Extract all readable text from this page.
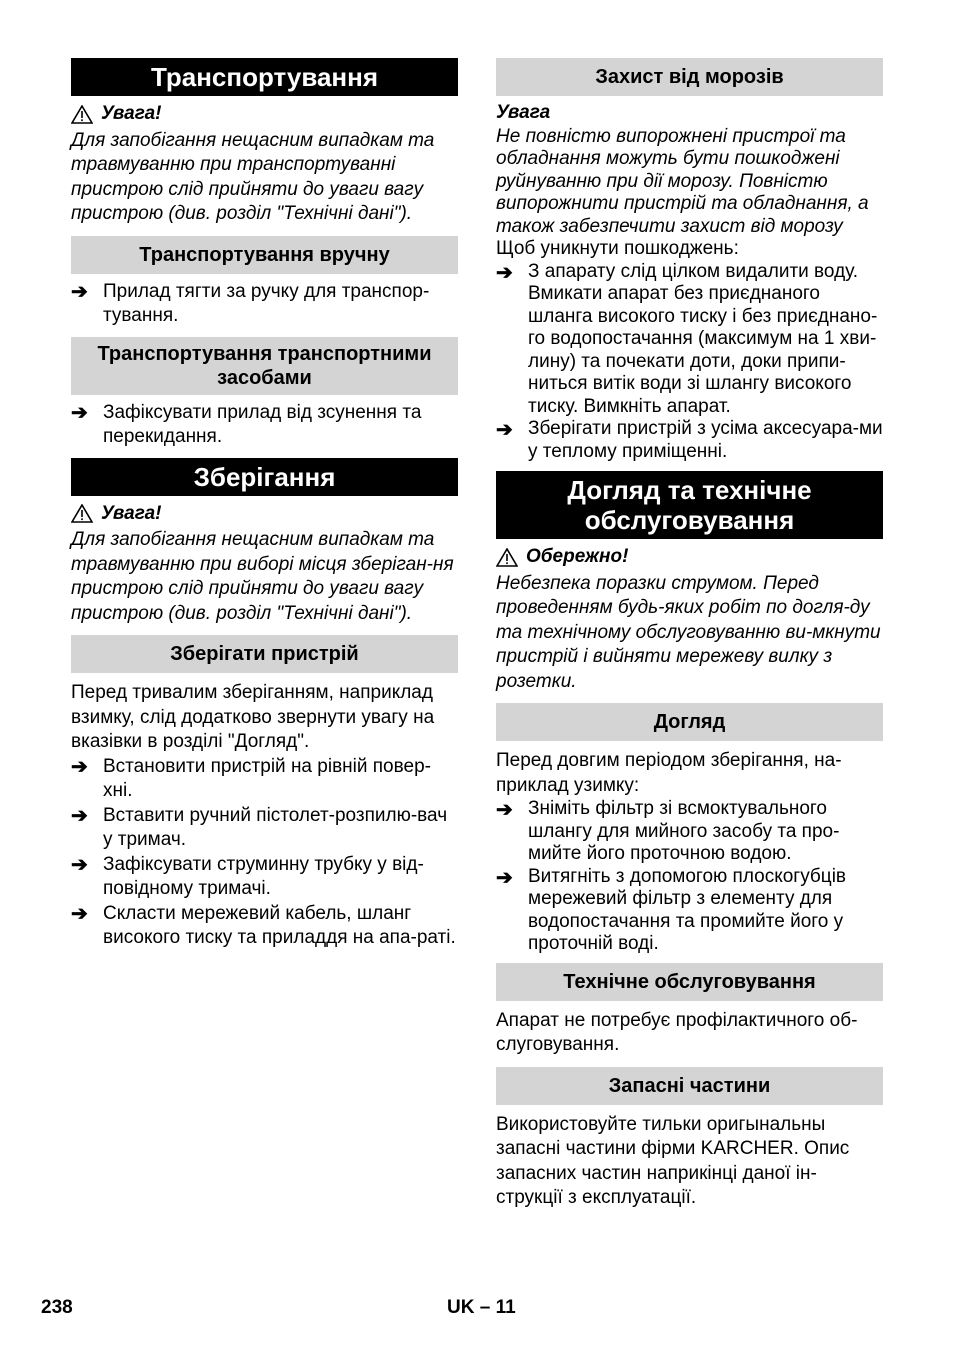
Транспортування
Увага!
Для запобігання нещасним випадкам та травмуванню при транспортуванні пристрою слід прийняти до уваги вагу пристрою (див. розділ "Технічні дані").
Транспортування вручну
➔ Прилад тягти за ручку для транспор-тування.
Транспортування транспортними засобами
➔ Зафіксувати прилад від зсунення та перекидання.
Зберігання
Увага!
Для запобігання нещасним випадкам та травмуванню при виборі місця зберіган-ня пристрою слід прийняти до уваги вагу пристрою (див. розділ "Технічні дані").
Зберігати пристрій
Перед тривалим зберіганням, наприклад взимку, слід додатково звернути увагу на вказівки в розділі "Догляд".
➔ Встановити пристрій на рівній повер-хні.
➔ Вставити ручний пістолет-розпилю-вач у тримач.
➔ Зафіксувати струминну трубку у від-повідному тримачі.
➔ Скласти мережевий кабель, шланг високого тиску та приладдя на апа-раті.
Захист від морозів
Увага
Не повністю випорожнені пристрої та обладнання можуть бути пошкоджені руйнуванню при дії морозу. Повністю випорожнити пристрій та обладнання, а також забезпечити захист від морозу
Щоб уникнути пошкоджень:
➔ З апарату слід цілком видалити воду. Вмикати апарат без приєднаного шланга високого тиску і без приєднано-го водопостачання (максимум на 1 хви-лину) та почекати доти, доки припи-ниться витік води зі шлангу високого тиску. Вимкніть апарат.
➔ Зберігати пристрій з усіма аксесуара-ми у теплому приміщенні.
Догляд та технічне обслуговування
Обережно!
Небезпека поразки струмом. Перед проведенням будь-яких робіт по догля-ду та технічному обслуговуванню ви-мкнути пристрій і вийняти мережеву вилку з розетки.
Догляд
Перед довгим періодом зберігання, на-приклад узимку:
➔ Зніміть фільтр зі всмоктувального шлангу для мийного засобу та про-мийте його проточною водою.
➔ Витягніть з допомогою плоскогубців мережевий фільтр з елементу для водопостачання та промийте його у проточній воді.
Технічне обслуговування
Апарат не потребує профілактичного об-слуговування.
Запасні частини
Використовуйте тильки оригынальны запасні частини фірми KARCHER. Опис запасних частин наприкінці даної ін-струкції з експлуатації.
238	UK – 11
